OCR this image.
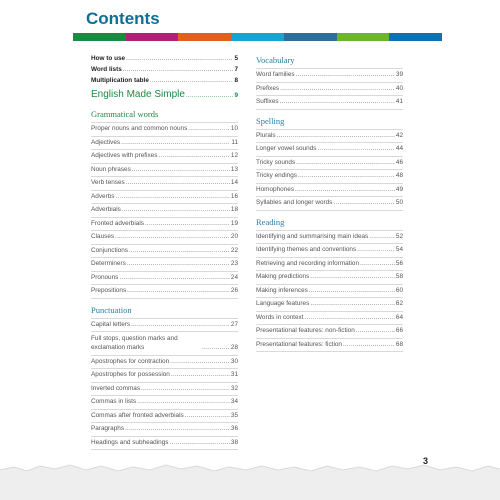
Contents
How to use .....	5
Word lists .....	7
Multiplication table .....	8
English Made Simple .....	9
Grammatical words
Proper nouns and common nouns .....	10
Adjectives .....	11
Adjectives with prefixes .....	12
Noun phrases .....	13
Verb tenses .....	14
Adverbs .....	16
Adverbials .....	18
Fronted adverbials .....	19
Clauses .....	20
Conjunctions .....	22
Determiners .....	23
Pronouns .....	24
Prepositions .....	26
Punctuation
Capital letters .....	27
Full stops, question marks and exclamation marks .....	28
Apostrophes for contraction .....	30
Apostrophes for possession .....	31
Inverted commas .....	32
Commas in lists .....	34
Commas after fronted adverbials .....	35
Paragraphs .....	36
Headings and subheadings .....	38
Vocabulary
Word families .....	39
Prefixes .....	40
Suffixes .....	41
Spelling
Plurals .....	42
Longer vowel sounds .....	44
Tricky sounds .....	46
Tricky endings .....	48
Homophones .....	49
Syllables and longer words .....	50
Reading
Identifying and summarising main ideas .....	52
Identifying themes and conventions .....	54
Retrieving and recording information .....	56
Making predictions .....	58
Making inferences .....	60
Language features .....	62
Words in context .....	64
Presentational features: non-fiction .....	66
Presentational features: fiction .....	68
3
